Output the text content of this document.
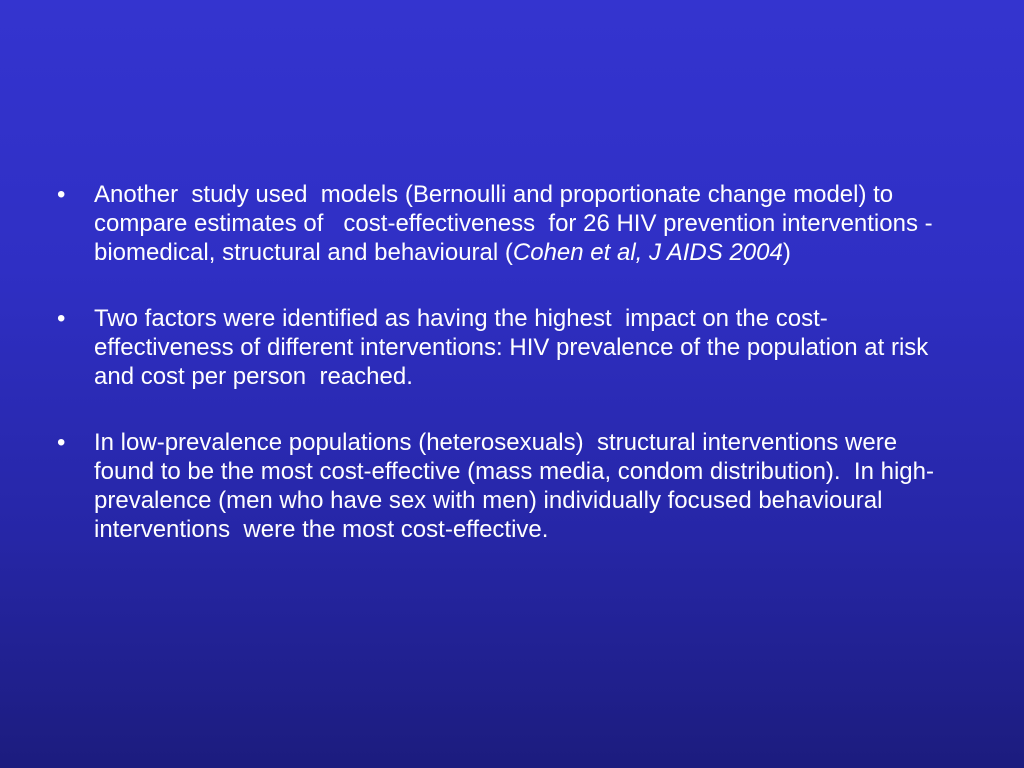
• Another  study used  models (Bernoulli and proportionate change model) to compare estimates of   cost-effectiveness  for 26 HIV prevention interventions - biomedical, structural and behavioural (Cohen et al, J AIDS 2004)
• Two factors were identified as having the highest  impact on the cost-effectiveness of different interventions: HIV prevalence of the population at risk and cost per person  reached.
• In low-prevalence populations (heterosexuals)  structural interventions were found to be the most cost-effective (mass media, condom distribution).  In high-prevalence (men who have sex with men) individually focused behavioural interventions  were the most cost-effective.
